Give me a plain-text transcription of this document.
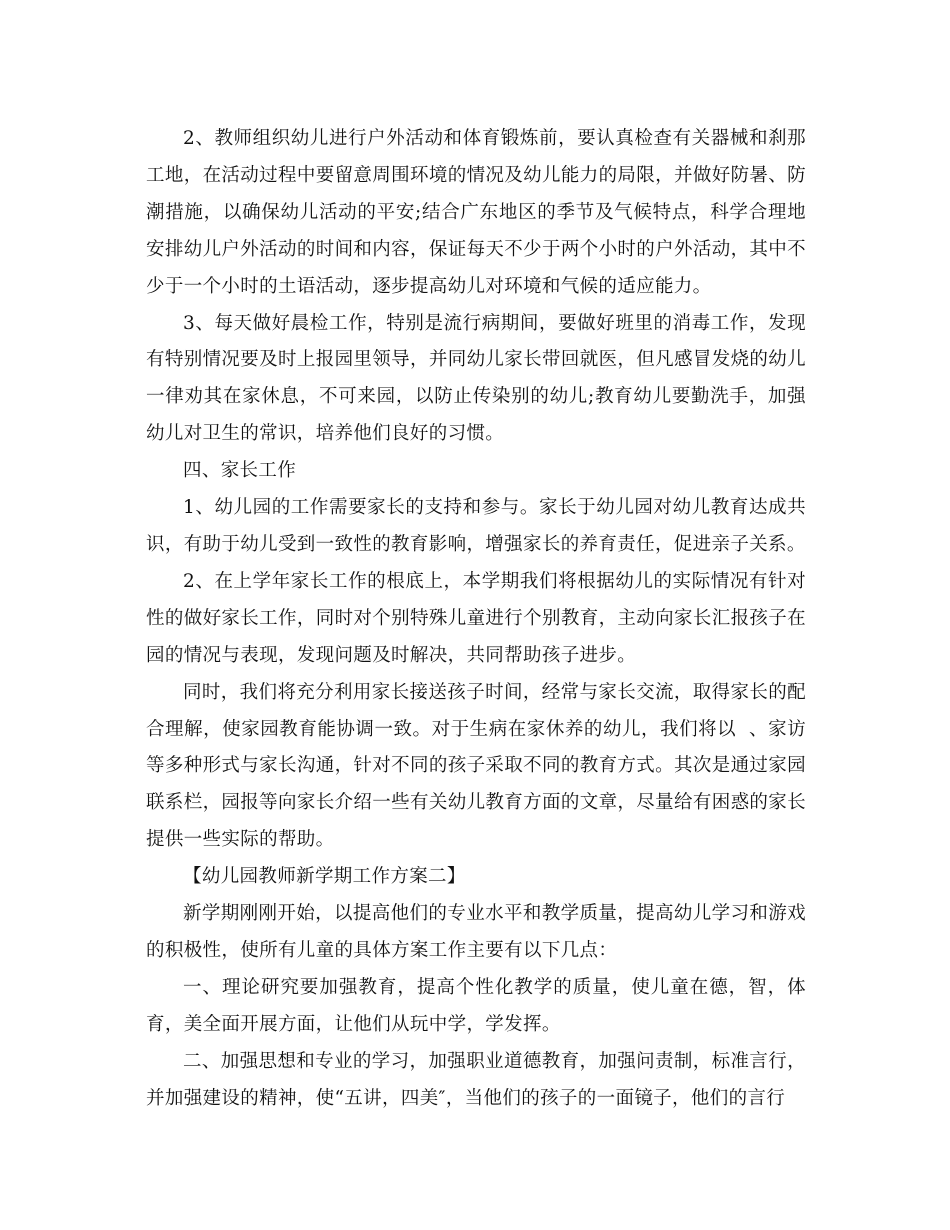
2、教师组织幼儿进行户外活动和体育锻炼前，要认真检查有关器械和刹那工地，在活动过程中要留意周围环境的情况及幼儿能力的局限，并做好防暑、防潮措施，以确保幼儿活动的平安;结合广东地区的季节及气候特点，科学合理地安排幼儿户外活动的时间和内容，保证每天不少于两个小时的户外活动，其中不少于一个小时的土语活动，逐步提高幼儿对环境和气候的适应能力。

3、每天做好晨检工作，特别是流行病期间，要做好班里的消毒工作，发现有特别情况要及时上报园里领导，并同幼儿家长带回就医，但凡感冒发烧的幼儿一律劝其在家休息，不可来园，以防止传染别的幼儿;教育幼儿要勤洗手，加强幼儿对卫生的常识，培养他们良好的习惯。

四、家长工作

1、幼儿园的工作需要家长的支持和参与。家长于幼儿园对幼儿教育达成共识，有助于幼儿受到一致性的教育影响，增强家长的养育责任，促进亲子关系。

2、在上学年家长工作的根底上，本学期我们将根据幼儿的实际情况有针对性的做好家长工作，同时对个别特殊儿童进行个别教育，主动向家长汇报孩子在园的情况与表现，发现问题及时解决，共同帮助孩子进步。

同时，我们将充分利用家长接送孩子时间，经常与家长交流，取得家长的配合理解，使家园教育能协调一致。对于生病在家休养的幼儿，我们将以  、家访等多种形式与家长沟通，针对不同的孩子采取不同的教育方式。其次是通过家园联系栏，园报等向家长介绍一些有关幼儿教育方面的文章，尽量给有困惑的家长提供一些实际的帮助。

【幼儿园教师新学期工作方案二】

新学期刚刚开始，以提高他们的专业水平和教学质量，提高幼儿学习和游戏的积极性，使所有儿童的具体方案工作主要有以下几点：

一、理论研究要加强教育，提高个性化教学的质量，使儿童在德，智，体育，美全面开展方面，让他们从玩中学，学发挥。

二、加强思想和专业的学习，加强职业道德教育，加强问责制，标准言行，并加强建设的精神，使“五讲，四美″，当他们的孩子的一面镜子，他们的言行
